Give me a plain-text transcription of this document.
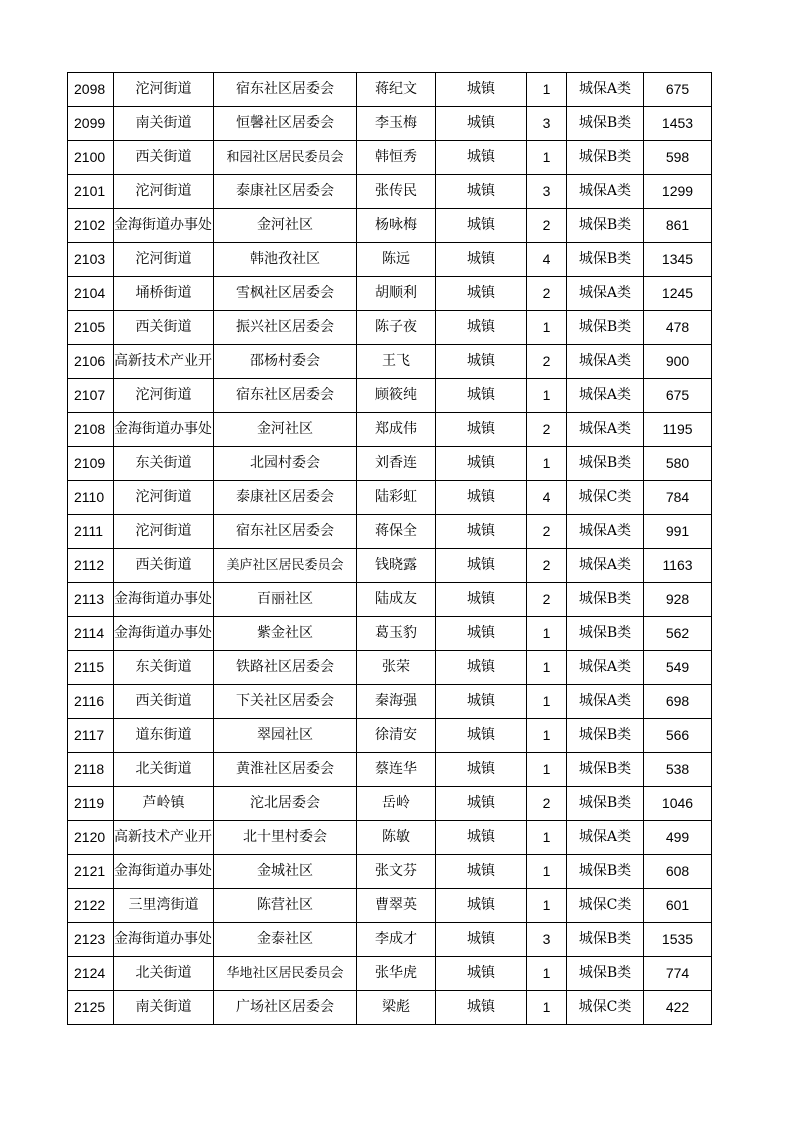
2098	沱河街道	宿东社区居委会	蒋纪文	城镇	1	城保A类	675
2099	南关街道	恒馨社区居委会	李玉梅	城镇	3	城保B类	1453
2100	西关街道	和园社区居民委员会	韩恒秀	城镇	1	城保B类	598
2101	沱河街道	泰康社区居委会	张传民	城镇	3	城保A类	1299
2102	金海街道办事处	金河社区	杨咏梅	城镇	2	城保B类	861
2103	沱河街道	韩池孜社区	陈远	城镇	4	城保B类	1345
2104	埇桥街道	雪枫社区居委会	胡顺利	城镇	2	城保A类	1245
2105	西关街道	振兴社区居委会	陈子夜	城镇	1	城保B类	478
2106	高新技术产业开	邵杨村委会	王飞	城镇	2	城保A类	900
2107	沱河街道	宿东社区居委会	顾筱纯	城镇	1	城保A类	675
2108	金海街道办事处	金河社区	郑成伟	城镇	2	城保A类	1195
2109	东关街道	北园村委会	刘香连	城镇	1	城保B类	580
2110	沱河街道	泰康社区居委会	陆彩虹	城镇	4	城保C类	784
2111	沱河街道	宿东社区居委会	蒋保全	城镇	2	城保A类	991
2112	西关街道	美庐社区居民委员会	钱晓露	城镇	2	城保A类	1163
2113	金海街道办事处	百丽社区	陆成友	城镇	2	城保B类	928
2114	金海街道办事处	紫金社区	葛玉豹	城镇	1	城保B类	562
2115	东关街道	铁路社区居委会	张荣	城镇	1	城保A类	549
2116	西关街道	下关社区居委会	秦海强	城镇	1	城保A类	698
2117	道东街道	翠园社区	徐清安	城镇	1	城保B类	566
2118	北关街道	黄淮社区居委会	蔡连华	城镇	1	城保B类	538
2119	芦岭镇	沱北居委会	岳岭	城镇	2	城保B类	1046
2120	高新技术产业开	北十里村委会	陈敏	城镇	1	城保A类	499
2121	金海街道办事处	金城社区	张文芬	城镇	1	城保B类	608
2122	三里湾街道	陈营社区	曹翠英	城镇	1	城保C类	601
2123	金海街道办事处	金泰社区	李成才	城镇	3	城保B类	1535
2124	北关街道	华地社区居民委员会	张华虎	城镇	1	城保B类	774
2125	南关街道	广场社区居委会	梁彪	城镇	1	城保C类	422
